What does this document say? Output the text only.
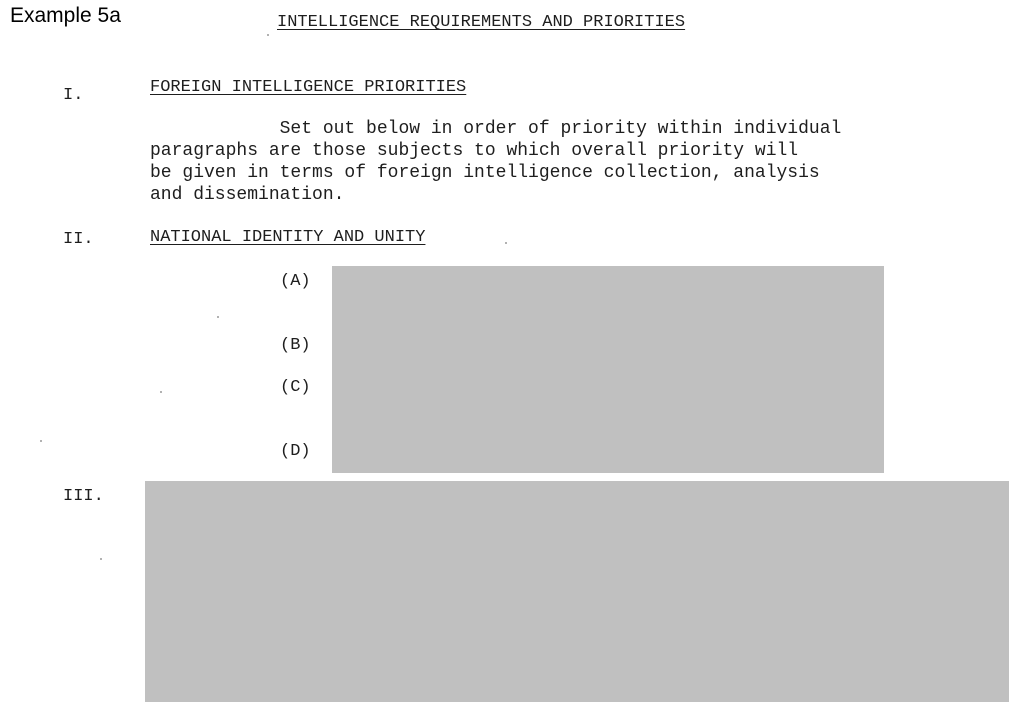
Example 5a	INTELLIGENCE REQUIREMENTS AND PRIORITIES
I.	FOREIGN INTELLIGENCE PRIORITIES
Set out below in order of priority within individual
paragraphs are those subjects to which overall priority will
be given in terms of foreign intelligence collection, analysis
and dissemination.
II.	NATIONAL IDENTITY AND UNITY
(A)
(B)
(C)
(D)
III.
